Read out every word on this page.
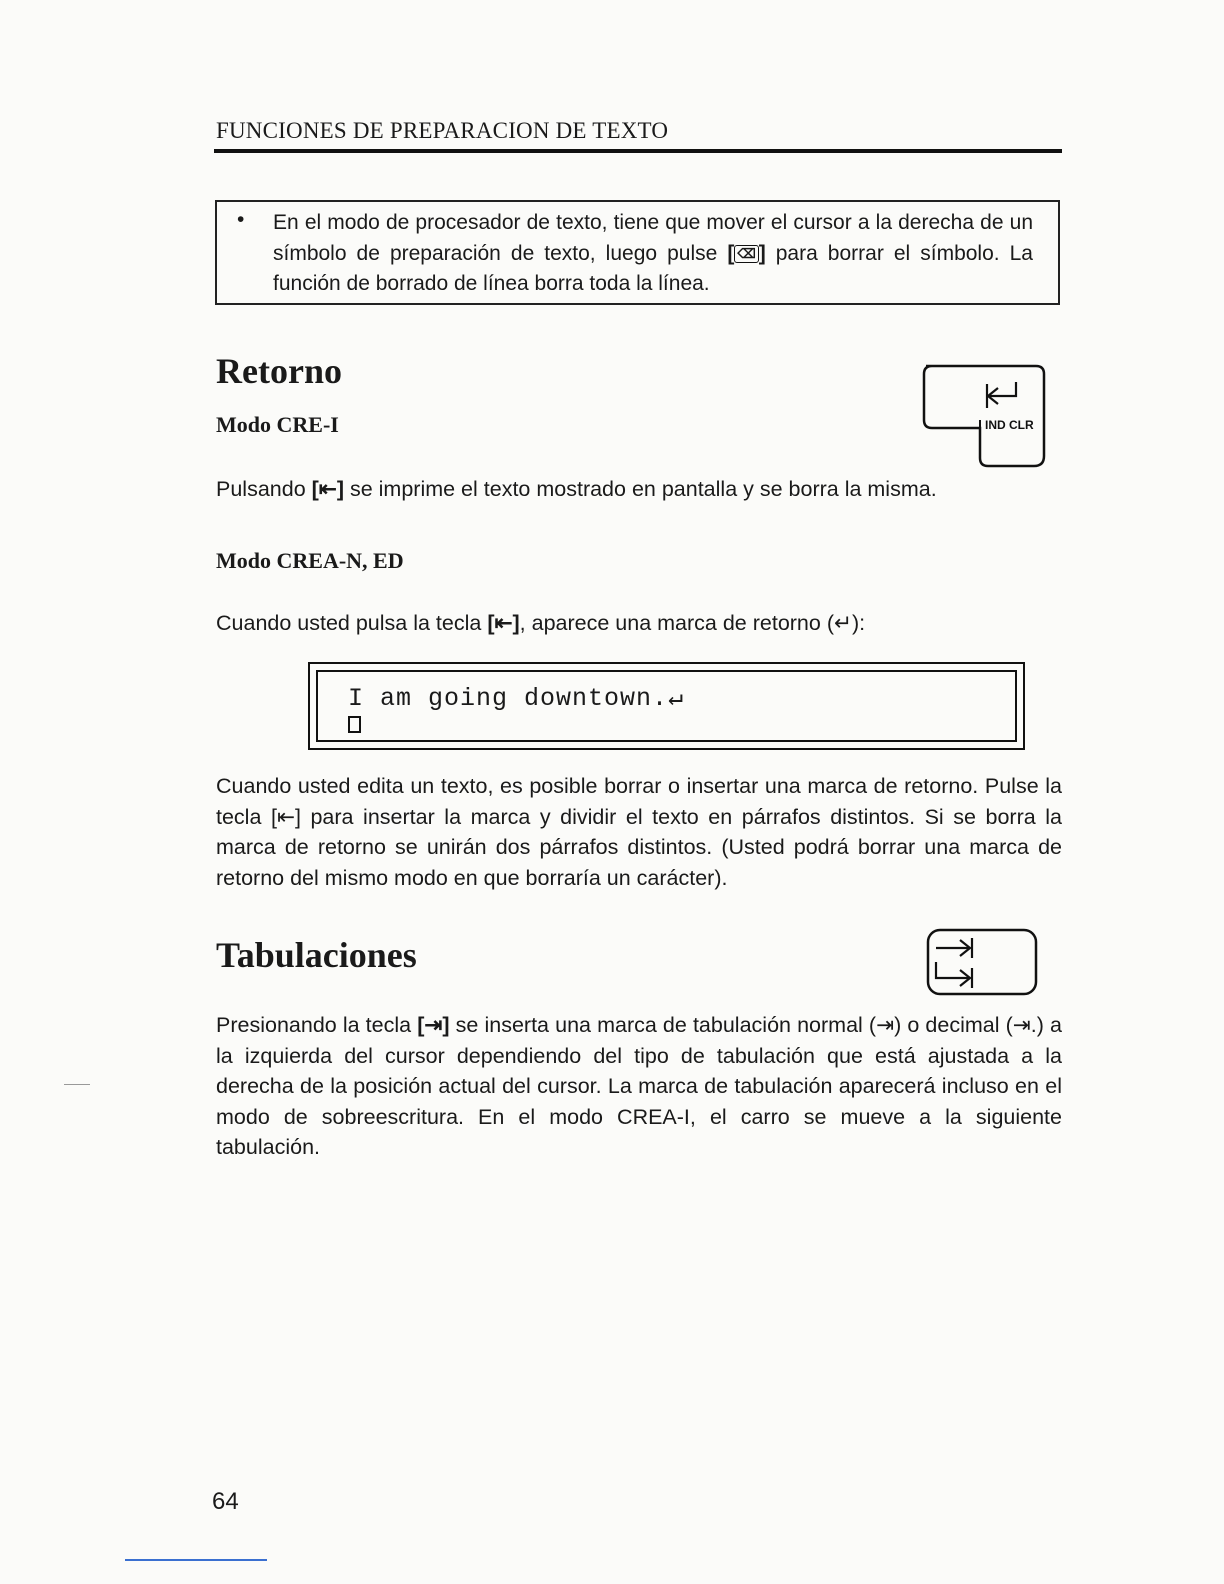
FUNCIONES DE PREPARACION DE TEXTO
• En el modo de procesador de texto, tiene que mover el cursor a la derecha de un símbolo de preparación de texto, luego pulse [ ⌫ ] para borrar el símbolo. La función de borrado de línea borra toda la línea.
Retorno
IND CLR
Modo CRE-I

Pulsando [⇤] se imprime el texto mostrado en pantalla y se borra la misma.

Modo CREA-N, ED

Cuando usted pulsa la tecla [⇤], aparece una marca de retorno (↵):

I am going downtown.↵

Cuando usted edita un texto, es posible borrar o insertar una marca de retorno. Pulse la tecla [⇤] para insertar la marca y dividir el texto en párrafos distintos. Si se borra la marca de retorno se unirán dos párrafos distintos. (Usted podrá borrar una marca de retorno del mismo modo en que borraría un carácter).

Tabulaciones

Presionando la tecla [⇥] se inserta una marca de tabulación normal (⇥) o decimal (⇥.) a la izquierda del cursor dependiendo del tipo de tabulación que está ajustada a la derecha de la posición actual del cursor. La marca de tabulación aparecerá incluso en el modo de sobreescritura. En el modo CREA-I, el carro se mueve a la siguiente tabulación.

64
